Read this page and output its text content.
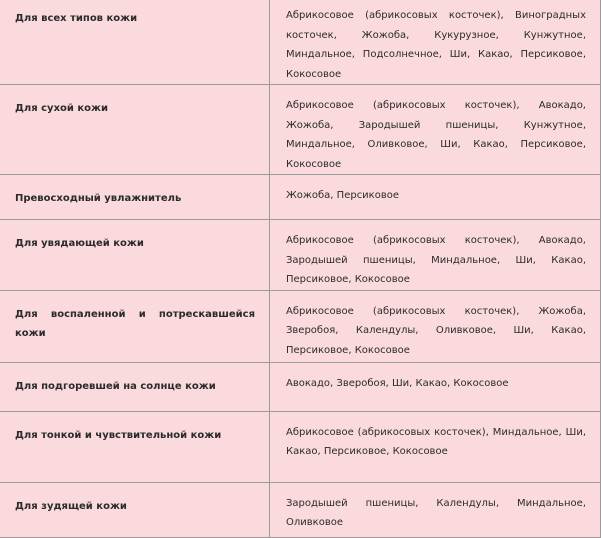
Для всех типов кожи	Абрикосовое (абрикосовых косточек), Виноградных косточек, Жожоба, Кукурузное, Кунжутное, Миндальное, Подсолнечное, Ши, Какао, Персиковое, Кокосовое
Для сухой кожи	Абрикосовое (абрикосовых косточек), Авокадо, Жожоба, Зародышей пшеницы, Кунжутное, Миндальное, Оливковое, Ши, Какао, Персиковое, Кокосовое
Превосходный увлажнитель	Жожоба, Персиковое
Для увядающей кожи	Абрикосовое (абрикосовых косточек), Авокадо, Зародышей пшеницы, Миндальное, Ши, Какао, Персиковое, Кокосовое
Для воспаленной и потрескавшейся кожи	Абрикосовое (абрикосовых косточек), Жожоба, Зверобоя, Календулы, Оливковое, Ши, Какао, Персиковое, Кокосовое
Для подгоревшей на солнце кожи	Авокадо, Зверобоя, Ши, Какао, Кокосовое
Для тонкой и чувствительной кожи	Абрикосовое (абрикосовых косточек), Миндальное, Ши, Какао, Персиковое, Кокосовое
Для зудящей кожи	Зародышей пшеницы, Календулы, Миндальное, Оливковое
